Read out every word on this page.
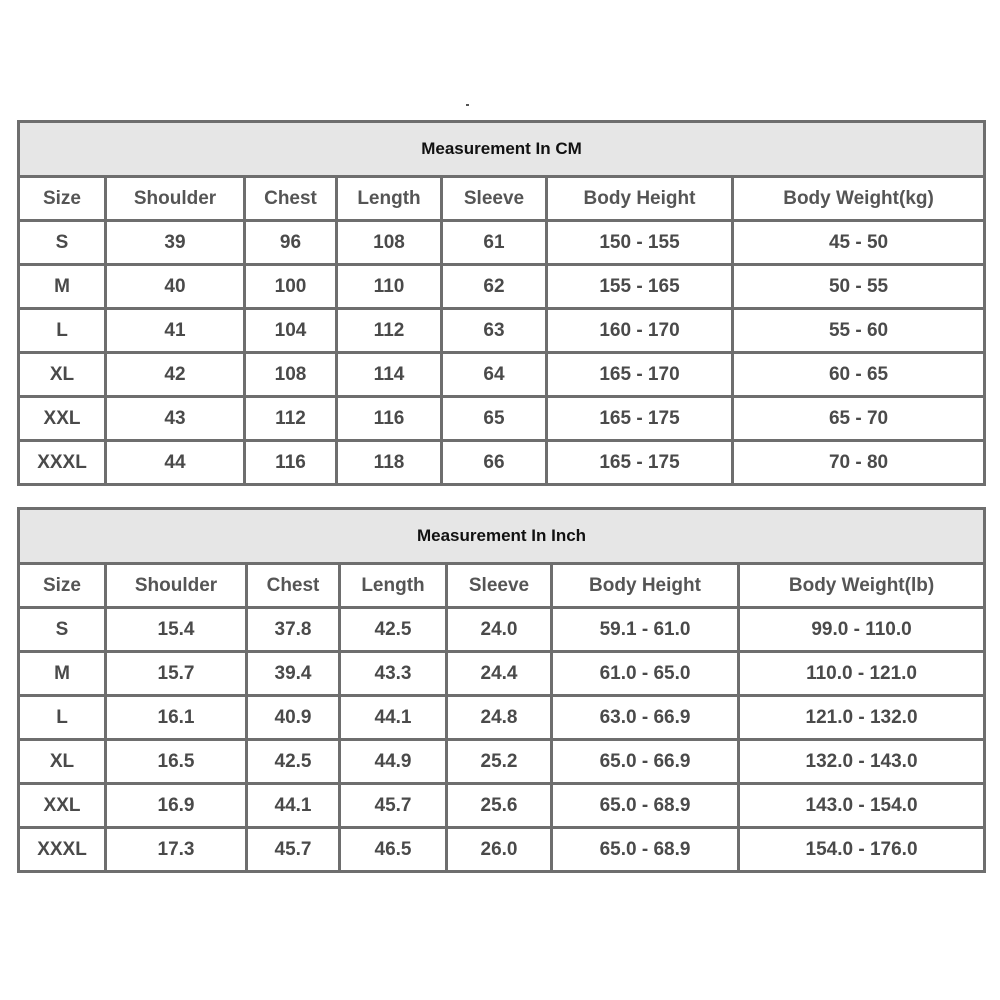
Measurement In CM						
Size	Shoulder	Chest	Length	Sleeve	Body Height	Body Weight(kg)
S	39	96	108	61	150 - 155	45 - 50
M	40	100	110	62	155 - 165	50 - 55
L	41	104	112	63	160 - 170	55 - 60
XL	42	108	114	64	165 - 170	60 - 65
XXL	43	112	116	65	165 - 175	65 - 70
XXXL	44	116	118	66	165 - 175	70 - 80
Measurement In Inch						
Size	Shoulder	Chest	Length	Sleeve	Body Height	Body Weight(lb)
S	15.4	37.8	42.5	24.0	59.1 - 61.0	99.0 - 110.0
M	15.7	39.4	43.3	24.4	61.0 - 65.0	110.0 - 121.0
L	16.1	40.9	44.1	24.8	63.0 - 66.9	121.0 - 132.0
XL	16.5	42.5	44.9	25.2	65.0 - 66.9	132.0 - 143.0
XXL	16.9	44.1	45.7	25.6	65.0 - 68.9	143.0 - 154.0
XXXL	17.3	45.7	46.5	26.0	65.0 - 68.9	154.0 - 176.0
